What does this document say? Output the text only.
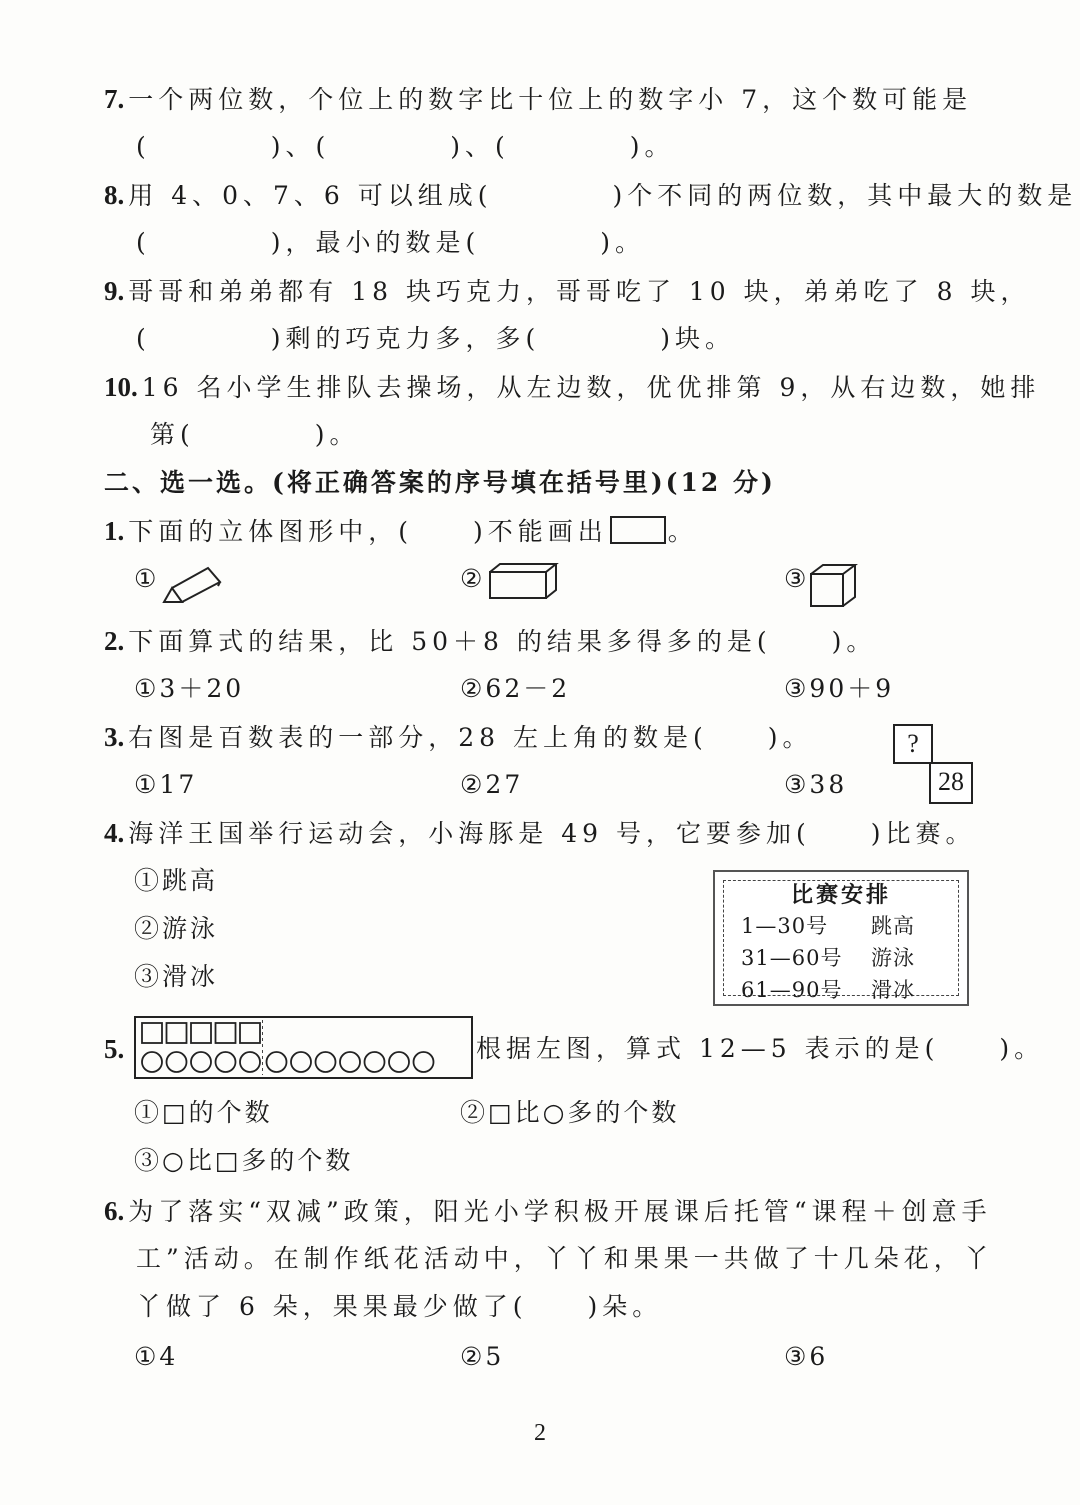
7. 一个两位数，个位上的数字比十位上的数字小 7，这个数可能是
(　　　　)、(　　　　)、(　　　　)。
8. 用 4、0、7、6 可以组成(　　　　)个不同的两位数，其中最大的数是
(　　　　)，最小的数是(　　　　)。
9. 哥哥和弟弟都有 18 块巧克力，哥哥吃了 10 块，弟弟吃了 8 块，
(　　　　)剩的巧克力多，多(　　　　)块。
10. 16 名小学生排队去操场，从左边数，优优排第 9，从右边数，她排
第(　　　　)。
二、选一选。(将正确答案的序号填在括号里)(12 分)
1. 下面的立体图形中，(　　)不能画出 。
①	②	③
2. 下面算式的结果，比 50＋8 的结果多得多的是(　　)。
①3＋20	②62－2	③90＋9
3. 右图是百数表的一部分，28 左上角的数是(　　)。
①17	②27	③38
?
28
4. 海洋王国举行运动会，小海豚是 49 号，它要参加(　　)比赛。
①跳高
②游泳
③滑冰
比赛安排
1—30号 跳高
31—60号 游泳
61—90号 滑冰
5.	根据左图，算式 12—5 表示的是(　　)。
①□的个数	②□比○多的个数
③○比□多的个数
6. 为了落实“双减”政策，阳光小学积极开展课后托管“课程＋创意手
工”活动。在制作纸花活动中，丫丫和果果一共做了十几朵花，丫
丫做了 6 朵，果果最少做了(　　)朵。
①4	②5	③6
2
